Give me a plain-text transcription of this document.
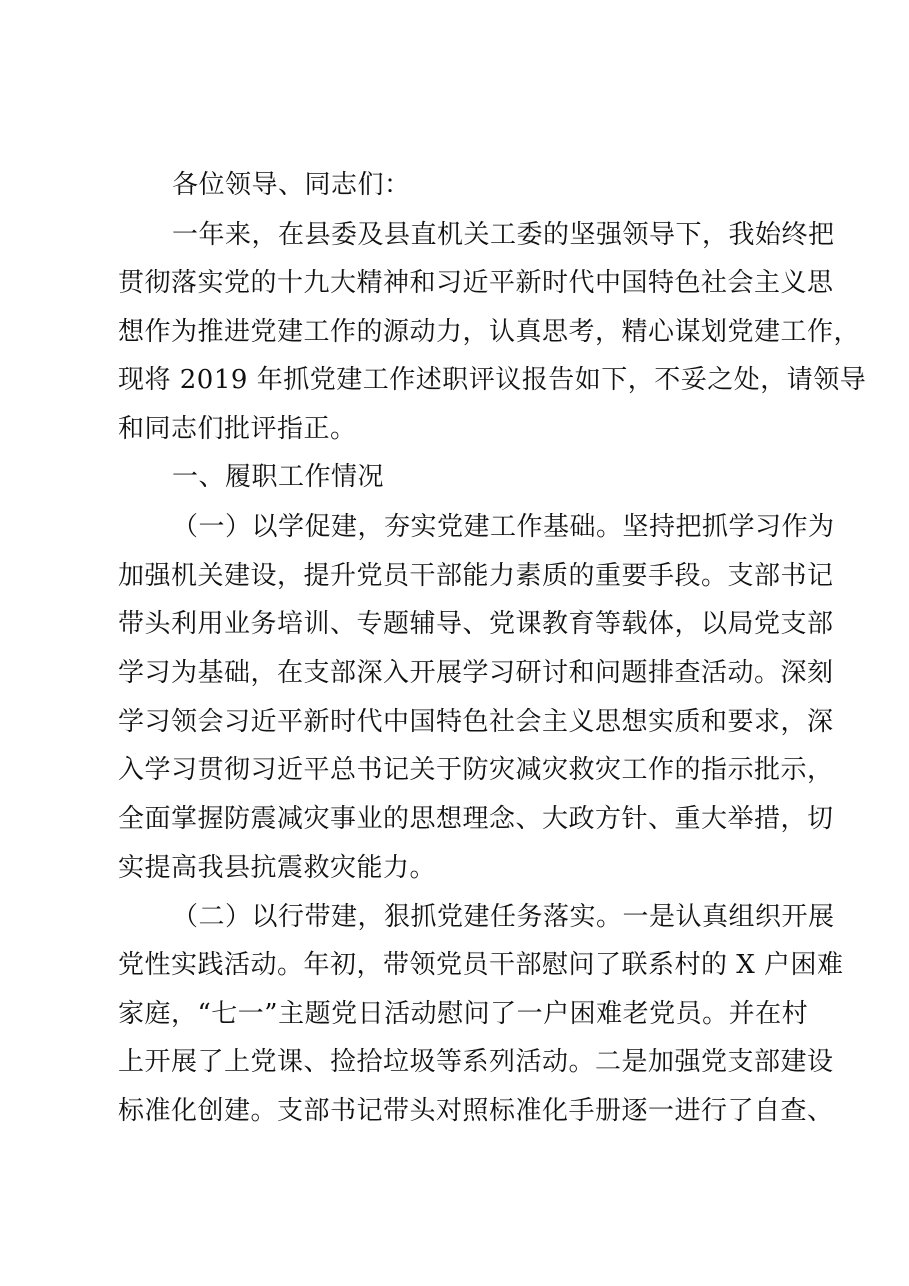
各位领导、同志们：
一年来，在县委及县直机关工委的坚强领导下，我始终把
贯彻落实党的十九大精神和习近平新时代中国特色社会主义思
想作为推进党建工作的源动力，认真思考，精心谋划党建工作，
现将 2019 年抓党建工作述职评议报告如下，不妥之处，请领导
和同志们批评指正。
一、履职工作情况
（一）以学促建，夯实党建工作基础。坚持把抓学习作为
加强机关建设，提升党员干部能力素质的重要手段。支部书记
带头利用业务培训、专题辅导、党课教育等载体，以局党支部
学习为基础，在支部深入开展学习研讨和问题排查活动。深刻
学习领会习近平新时代中国特色社会主义思想实质和要求，深
入学习贯彻习近平总书记关于防灾减灾救灾工作的指示批示，
全面掌握防震减灾事业的思想理念、大政方针、重大举措，切
实提高我县抗震救灾能力。
（二）以行带建，狠抓党建任务落实。一是认真组织开展
党性实践活动。年初，带领党员干部慰问了联系村的 X 户困难
家庭，“七一”主题党日活动慰问了一户困难老党员。并在村
上开展了上党课、捡拾垃圾等系列活动。二是加强党支部建设
标准化创建。支部书记带头对照标准化手册逐一进行了自查、
